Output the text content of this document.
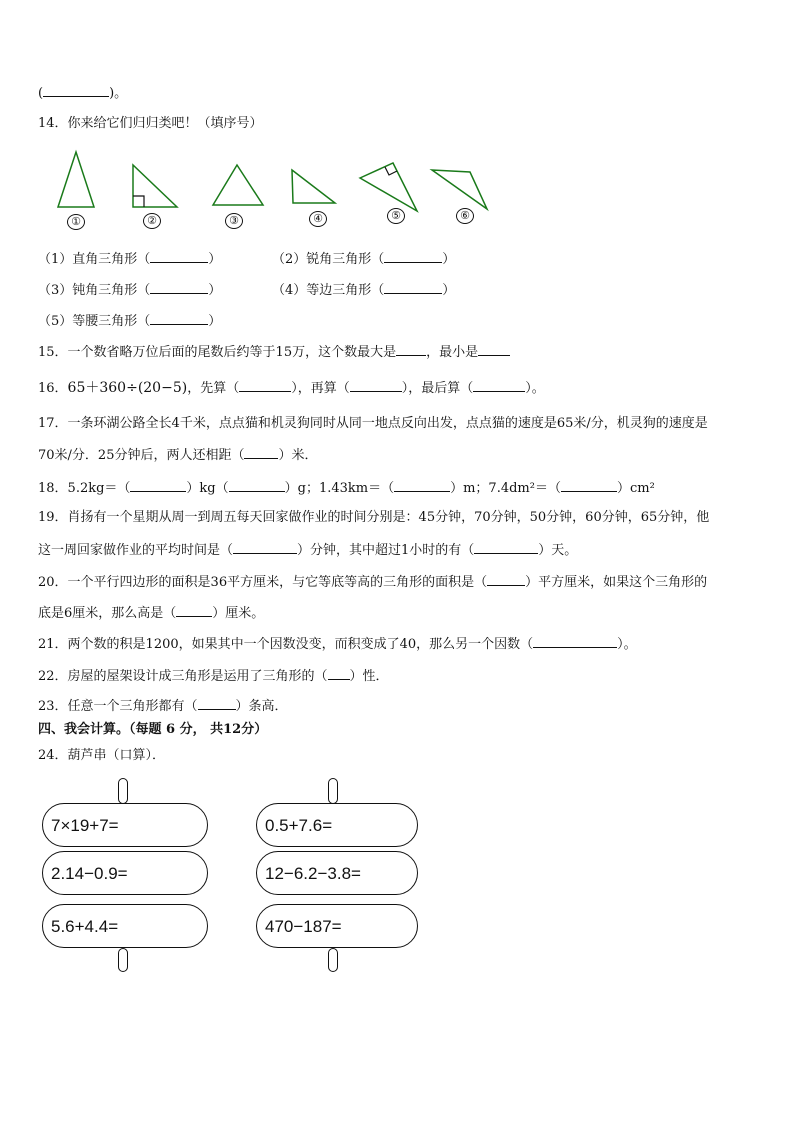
(	)。
14．你来给它们归归类吧！（填序号）
①	②	③	④	⑤	⑥
（1）直角三角形（	）	（2）锐角三角形（	）
（3）钝角三角形（	）	（4）等边三角形（	）
（5）等腰三角形（	）
15．一个数省略万位后面的尾数后约等于15万，这个数最大是 ，最小是
16．65＋360÷(20−5)，先算（	），再算（	），最后算（	）。
17．一条环湖公路全长4千米，点点猫和机灵狗同时从同一地点反向出发，点点猫的速度是65米/分，机灵狗的速度是
70米/分．25分钟后，两人还相距（	）米．
18．5.2kg＝（	）kg（	）g；1.43km＝（	）m；7.4dm²＝（	）cm²
19．肖扬有一个星期从周一到周五每天回家做作业的时间分别是：45分钟，70分钟，50分钟，60分钟，65分钟，他
这一周回家做作业的平均时间是（	）分钟，其中超过1小时的有（	）天。
20．一个平行四边形的面积是36平方厘米，与它等底等高的三角形的面积是（	）平方厘米，如果这个三角形的
底是6厘米，那么高是（	）厘米。
21．两个数的积是1200，如果其中一个因数没变，而积变成了40，那么另一个因数（	）。
22．房屋的屋架设计成三角形是运用了三角形的（ ）性．
23．任意一个三角形都有（	）条高．
四、我会计算。（每题 6 分， 共12分）
24．葫芦串（口算）．
7×19+7=
2.14−0.9=
5.6+4.4=
0.5+7.6=
12−6.2−3.8=
470−187=
